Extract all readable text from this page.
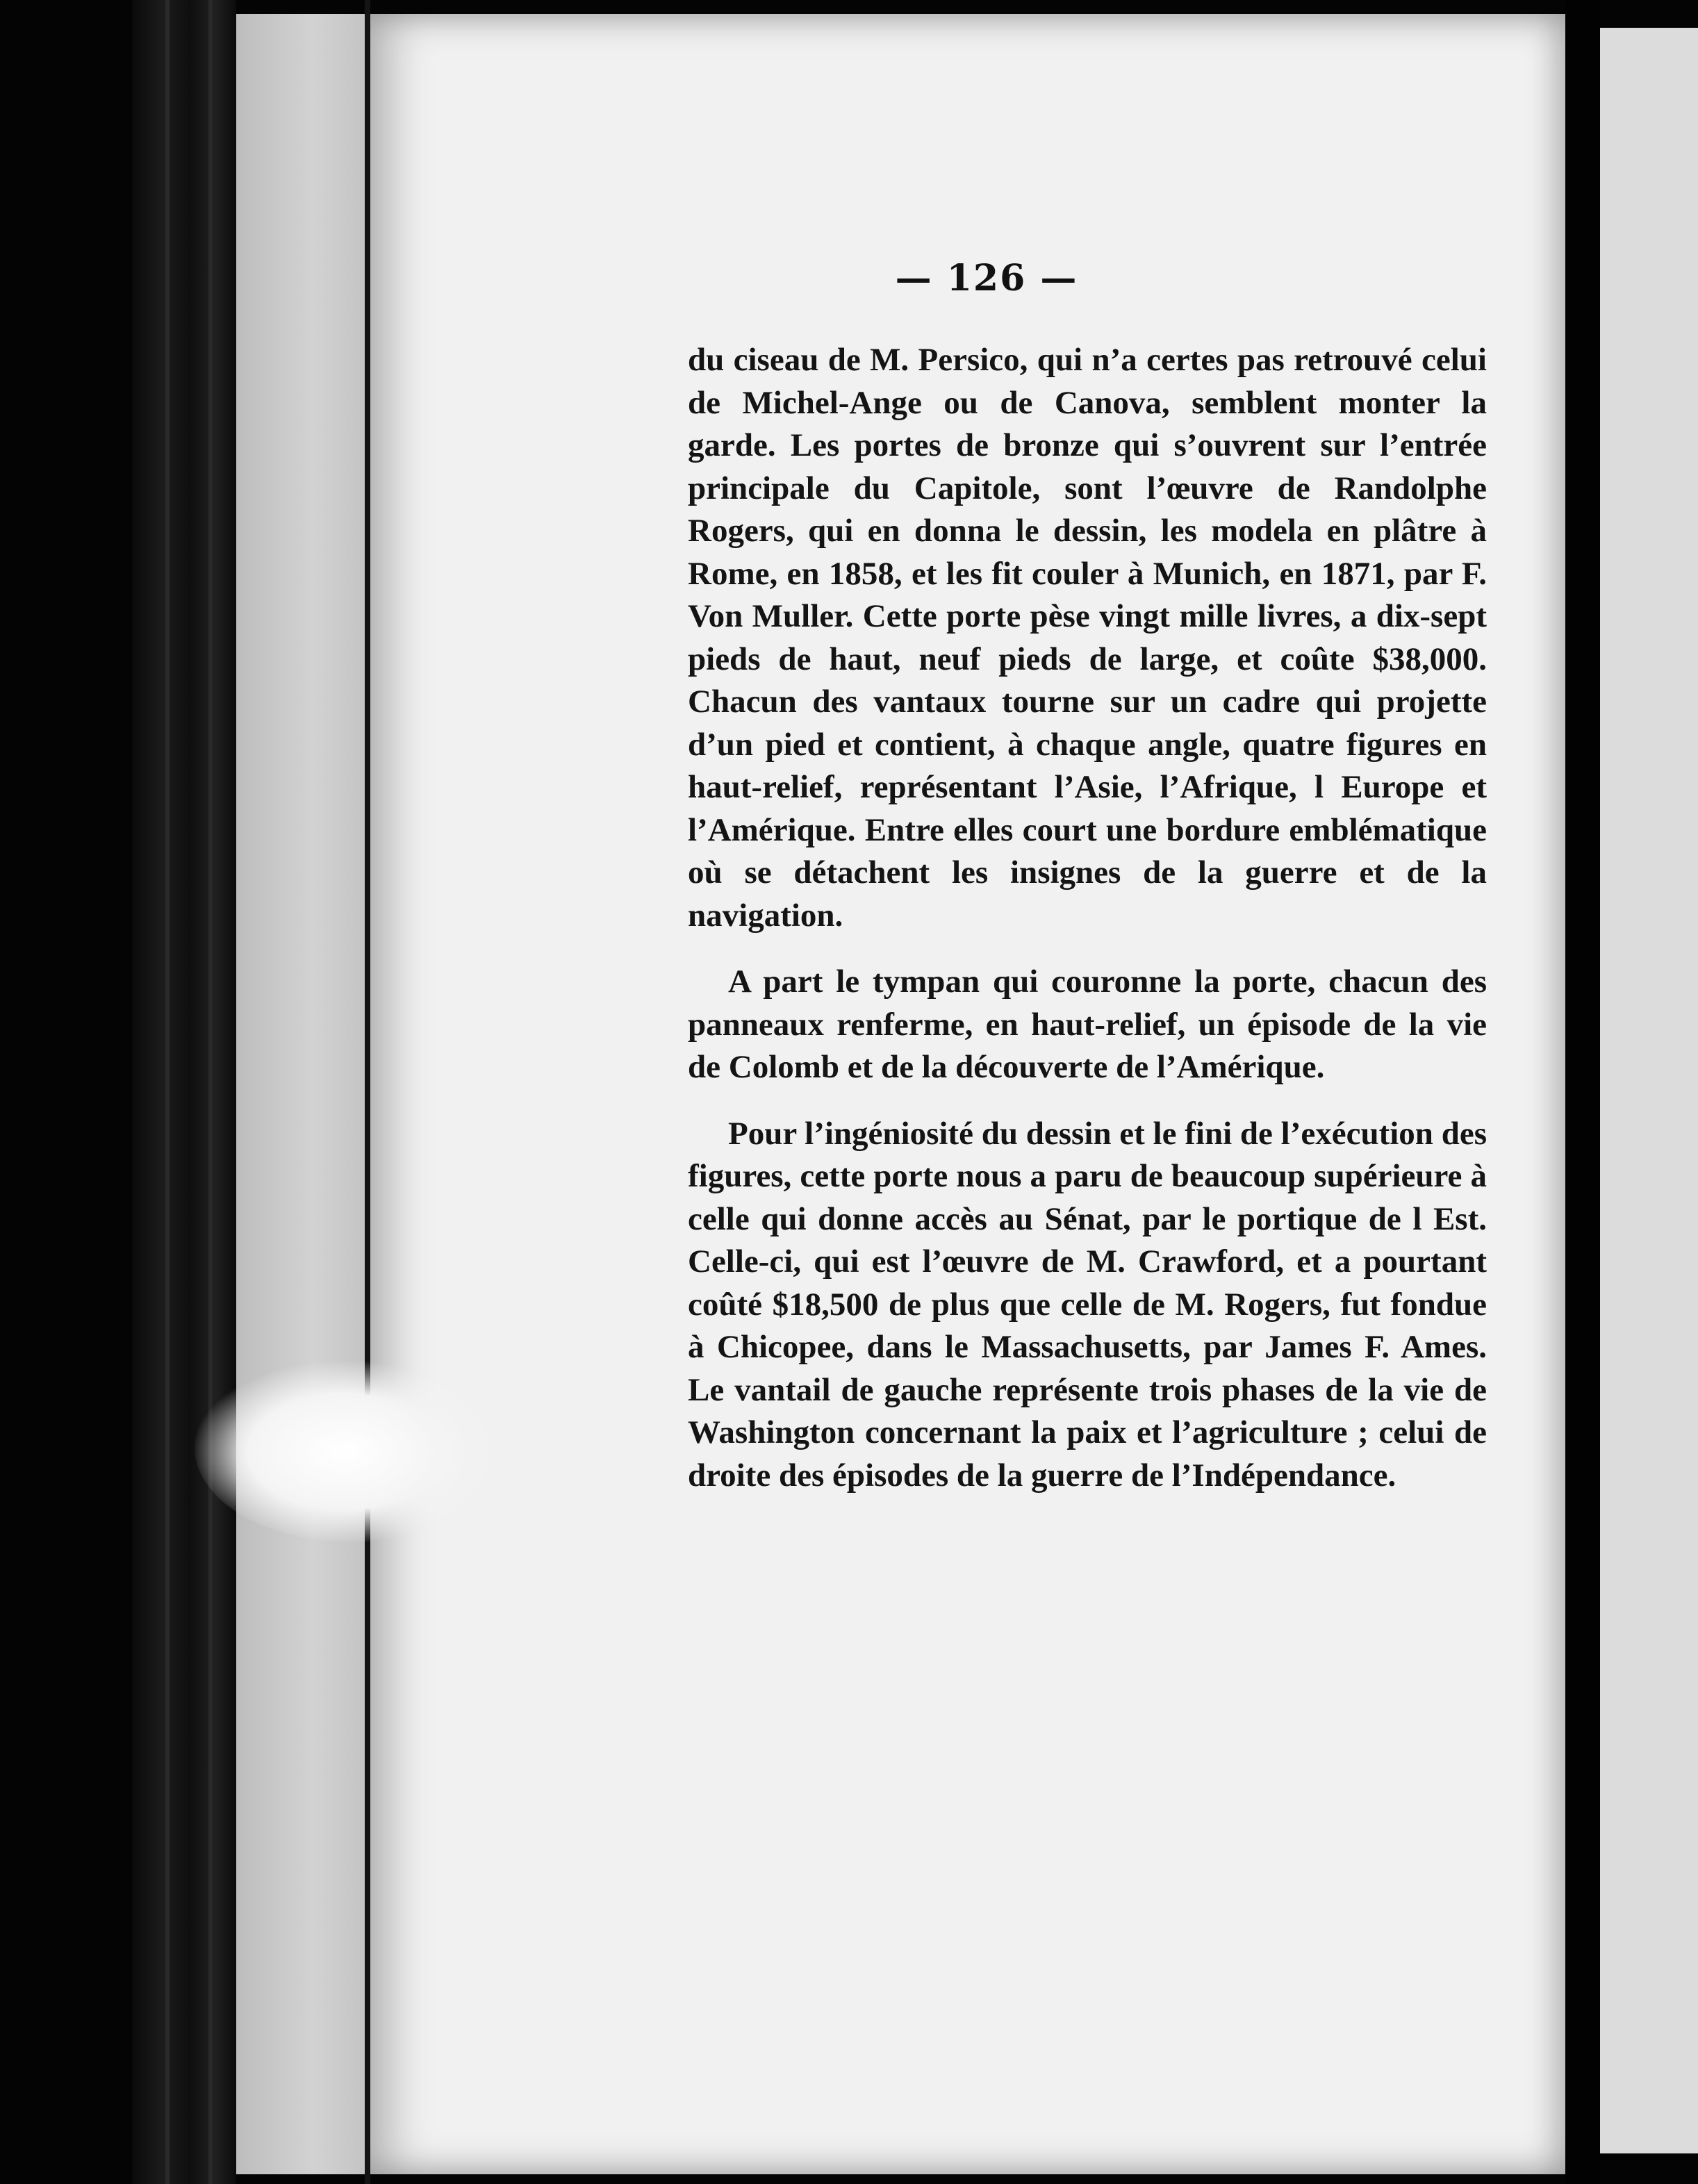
— 126 —

du ciseau de M. Persico, qui n’a certes pas retrouvé celui de Michel-Ange ou de Canova, semblent monter la garde. Les portes de bronze qui s’ouvrent sur l’entrée principale du Capitole, sont l’œuvre de Randolphe Rogers, qui en donna le dessin, les modela en plâtre à Rome, en 1858, et les fit couler à Munich, en 1871, par F. Von Muller. Cette porte pèse vingt mille livres, a dix-sept pieds de haut, neuf pieds de large, et coûte $38,000. Chacun des vantaux tourne sur un cadre qui projette d’un pied et contient, à chaque angle, quatre figures en haut-relief, représentant l’Asie, l’Afrique, l Europe et l’Amérique. Entre elles court une bordure emblématique où se détachent les insignes de la guerre et de la navigation.

A part le tympan qui couronne la porte, chacun des panneaux renferme, en haut-relief, un épisode de la vie de Colomb et de la découverte de l’Amérique.

Pour l’ingéniosité du dessin et le fini de l’exécution des figures, cette porte nous a paru de beaucoup supérieure à celle qui donne accès au Sénat, par le portique de l Est. Celle-ci, qui est l’œuvre de M. Crawford, et a pourtant coûté $18,500 de plus que celle de M. Rogers, fut fondue à Chicopee, dans le Massachusetts, par James F. Ames. Le vantail de gauche représente trois phases de la vie de Washington concernant la paix et l’agriculture ; celui de droite des épisodes de la guerre de l’Indépendance.
